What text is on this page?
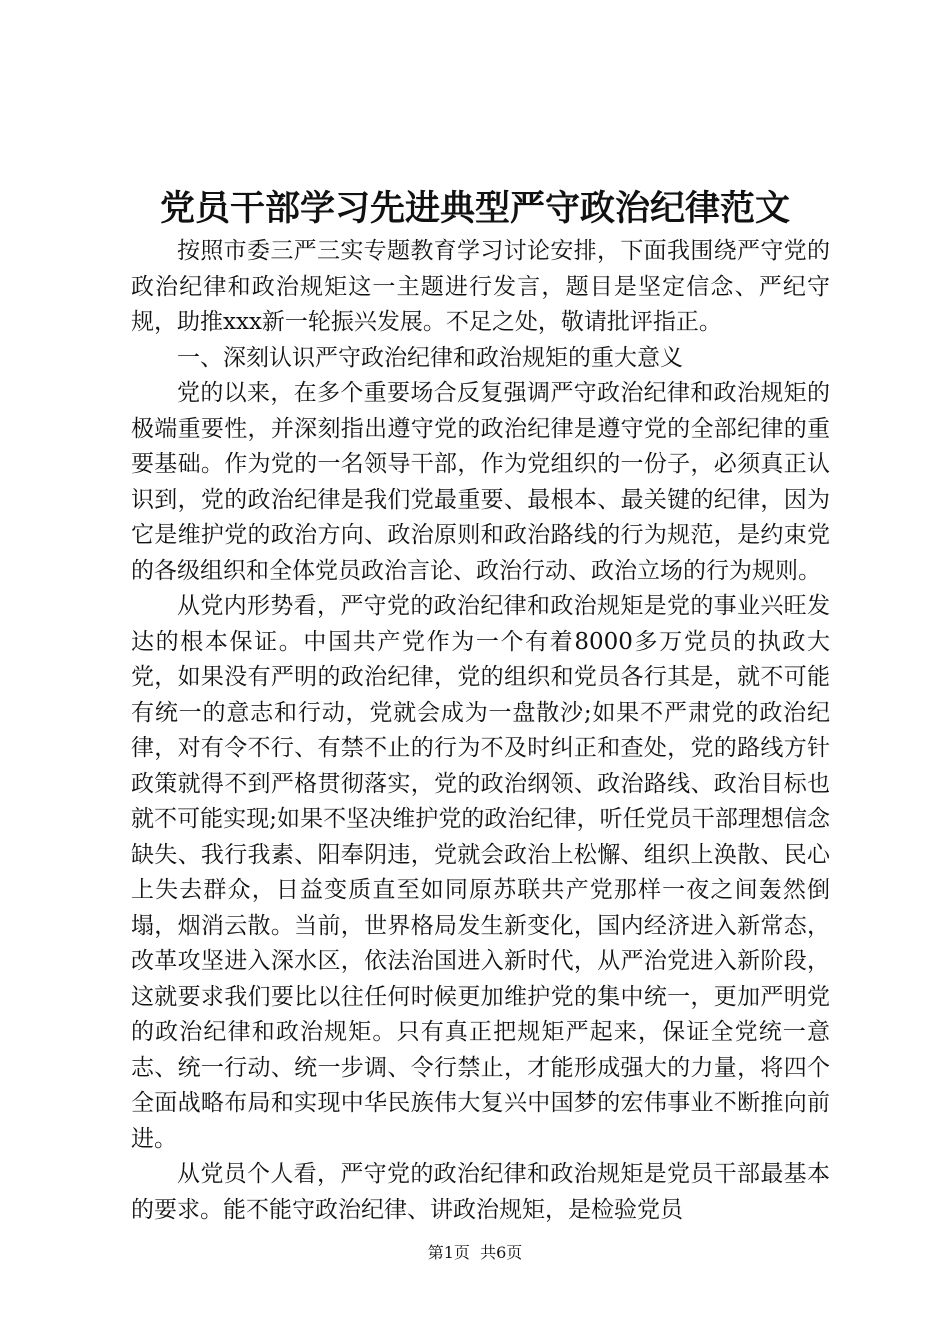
党员干部学习先进典型严守政治纪律范文

按照市委三严三实专题教育学习讨论安排，下面我围绕严守党的政治纪律和政治规矩这一主题进行发言，题目是坚定信念、严纪守规，助推xxx新一轮振兴发展。不足之处，敬请批评指正。

一、深刻认识严守政治纪律和政治规矩的重大意义

党的以来，在多个重要场合反复强调严守政治纪律和政治规矩的极端重要性，并深刻指出遵守党的政治纪律是遵守党的全部纪律的重要基础。作为党的一名领导干部，作为党组织的一份子，必须真正认识到，党的政治纪律是我们党最重要、最根本、最关键的纪律，因为它是维护党的政治方向、政治原则和政治路线的行为规范，是约束党的各级组织和全体党员政治言论、政治行动、政治立场的行为规则。

从党内形势看，严守党的政治纪律和政治规矩是党的事业兴旺发达的根本保证。中国共产党作为一个有着8000多万党员的执政大党，如果没有严明的政治纪律，党的组织和党员各行其是，就不可能有统一的意志和行动，党就会成为一盘散沙;如果不严肃党的政治纪律，对有令不行、有禁不止的行为不及时纠正和查处，党的路线方针政策就得不到严格贯彻落实，党的政治纲领、政治路线、政治目标也就不可能实现;如果不坚决维护党的政治纪律，听任党员干部理想信念缺失、我行我素、阳奉阴违，党就会政治上松懈、组织上涣散、民心上失去群众，日益变质直至如同原苏联共产党那样一夜之间轰然倒塌，烟消云散。当前，世界格局发生新变化，国内经济进入新常态，改革攻坚进入深水区，依法治国进入新时代，从严治党进入新阶段，这就要求我们要比以往任何时候更加维护党的集中统一，更加严明党的政治纪律和政治规矩。只有真正把规矩严起来，保证全党统一意志、统一行动、统一步调、令行禁止，才能形成强大的力量，将四个全面战略布局和实现中华民族伟大复兴中国梦的宏伟事业不断推向前进。

从党员个人看，严守党的政治纪律和政治规矩是党员干部最基本的要求。能不能守政治纪律、讲政治规矩，是检验党员

第1页 共6页
